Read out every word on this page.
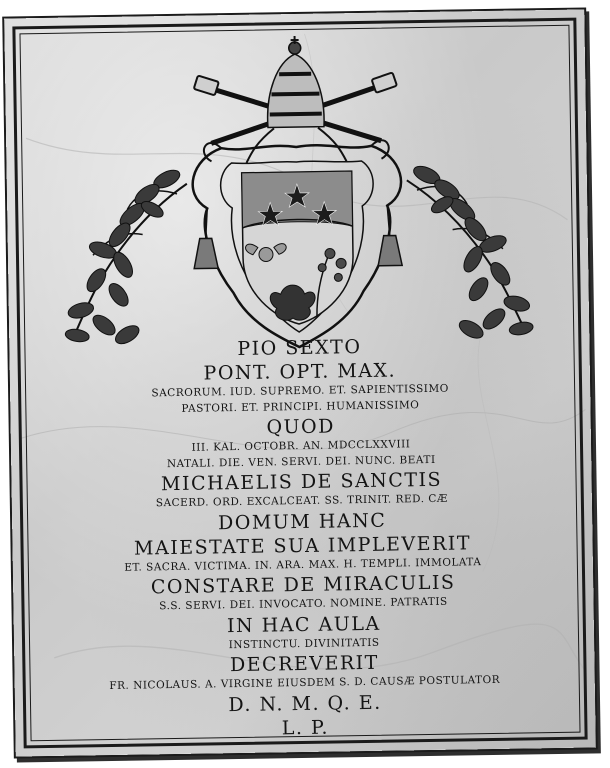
PIO SEXTO
PONT. OPT. MAX.
SACRORUM. IUD. SUPREMO. ET. SAPIENTISSIMO
PASTORI. ET. PRINCIPI. HUMANISSIMO
QUOD
III. KAL. OCTOBR. AN. MDCCLXXVIII
NATALI. DIE. VEN. SERVI. DEI. NUNC. BEATI
MICHAELIS DE SANCTIS
SACERD. ORD. EXCALCEAT. SS. TRINIT. RED. CÆ
DOMUM HANC
MAIESTATE SUA IMPLEVERIT
ET. SACRA. VICTIMA. IN. ARA. MAX. H. TEMPLI. IMMOLATA
CONSTARE DE MIRACULIS
S.S. SERVI. DEI. INVOCATO. NOMINE. PATRATIS
IN HAC AULA
INSTINCTU. DIVINITATIS
DECREVERIT
FR. NICOLAUS. A. VIRGINE EIUSDEM S. D. CAUSÆ POSTULATOR
D. N. M. Q. E.
L. P.
